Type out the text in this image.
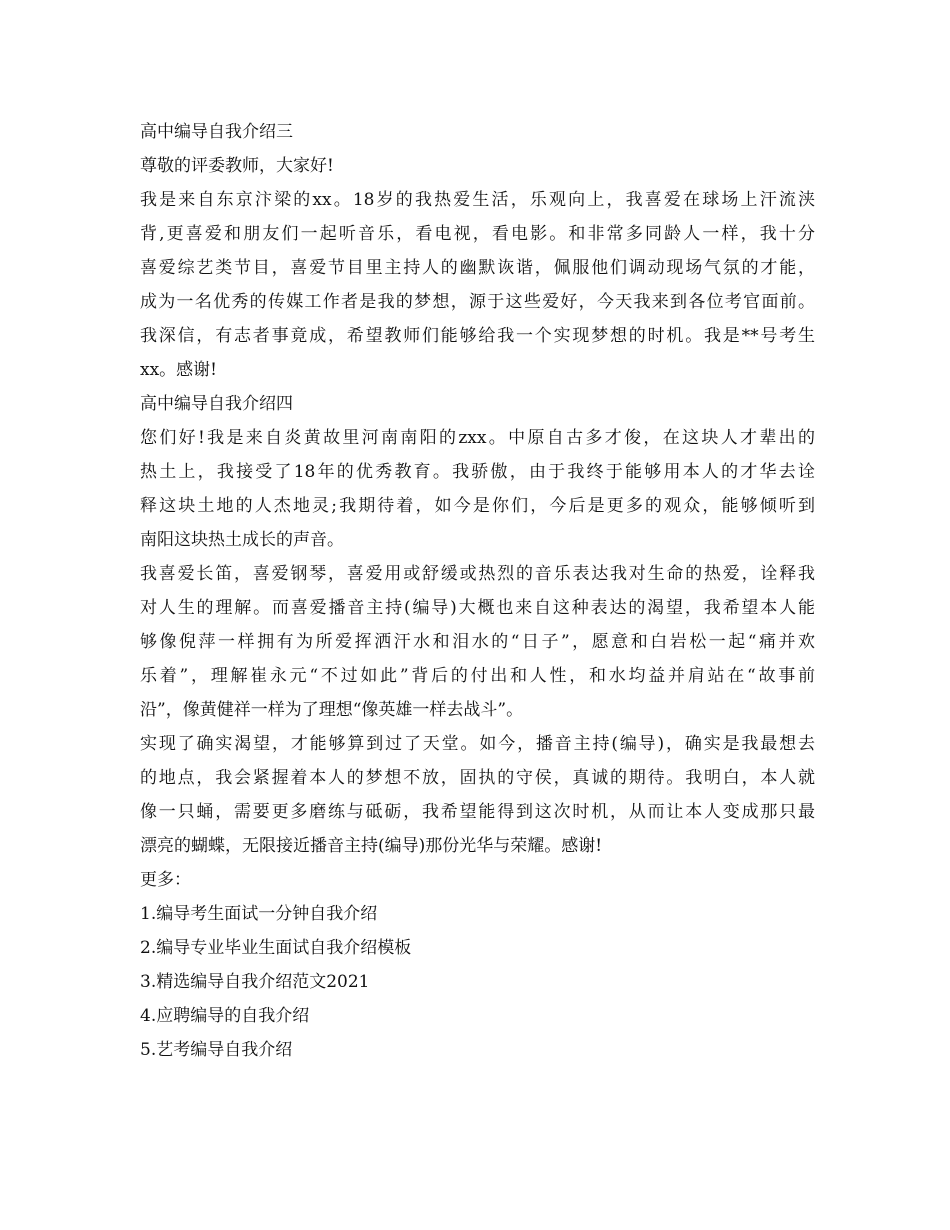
高中编导自我介绍三
尊敬的评委教师，大家好!
我是来自东京汴梁的xx。18岁的我热爱生活，乐观向上，我喜爱在球场上汗流浃
背,更喜爱和朋友们一起听音乐，看电视，看电影。和非常多同龄人一样，我十分
喜爱综艺类节目，喜爱节目里主持人的幽默诙谐，佩服他们调动现场气氛的才能，
成为一名优秀的传媒工作者是我的梦想，源于这些爱好，今天我来到各位考官面前。
我深信，有志者事竟成，希望教师们能够给我一个实现梦想的时机。我是**号考生
xx。感谢!
高中编导自我介绍四
您们好!我是来自炎黄故里河南南阳的zxx。中原自古多才俊，在这块人才辈出的
热土上，我接受了18年的优秀教育。我骄傲，由于我终于能够用本人的才华去诠
释这块土地的人杰地灵;我期待着，如今是你们，今后是更多的观众，能够倾听到
南阳这块热土成长的声音。
我喜爱长笛，喜爱钢琴，喜爱用或舒缓或热烈的音乐表达我对生命的热爱，诠释我
对人生的理解。而喜爱播音主持(编导)大概也来自这种表达的渴望，我希望本人能
够像倪萍一样拥有为所爱挥洒汗水和泪水的“日子”，愿意和白岩松一起“痛并欢
乐着”，理解崔永元“不过如此”背后的付出和人性，和水均益并肩站在“故事前
沿”，像黄健祥一样为了理想“像英雄一样去战斗”。
实现了确实渴望，才能够算到过了天堂。如今，播音主持(编导)，确实是我最想去
的地点，我会紧握着本人的梦想不放，固执的守侯，真诚的期待。我明白，本人就
像一只蛹，需要更多磨练与砥砺，我希望能得到这次时机，从而让本人变成那只最
漂亮的蝴蝶，无限接近播音主持(编导)那份光华与荣耀。感谢!
更多：
1.编导考生面试一分钟自我介绍
2.编导专业毕业生面试自我介绍模板
3.精选编导自我介绍范文2021
4.应聘编导的自我介绍
5.艺考编导自我介绍
